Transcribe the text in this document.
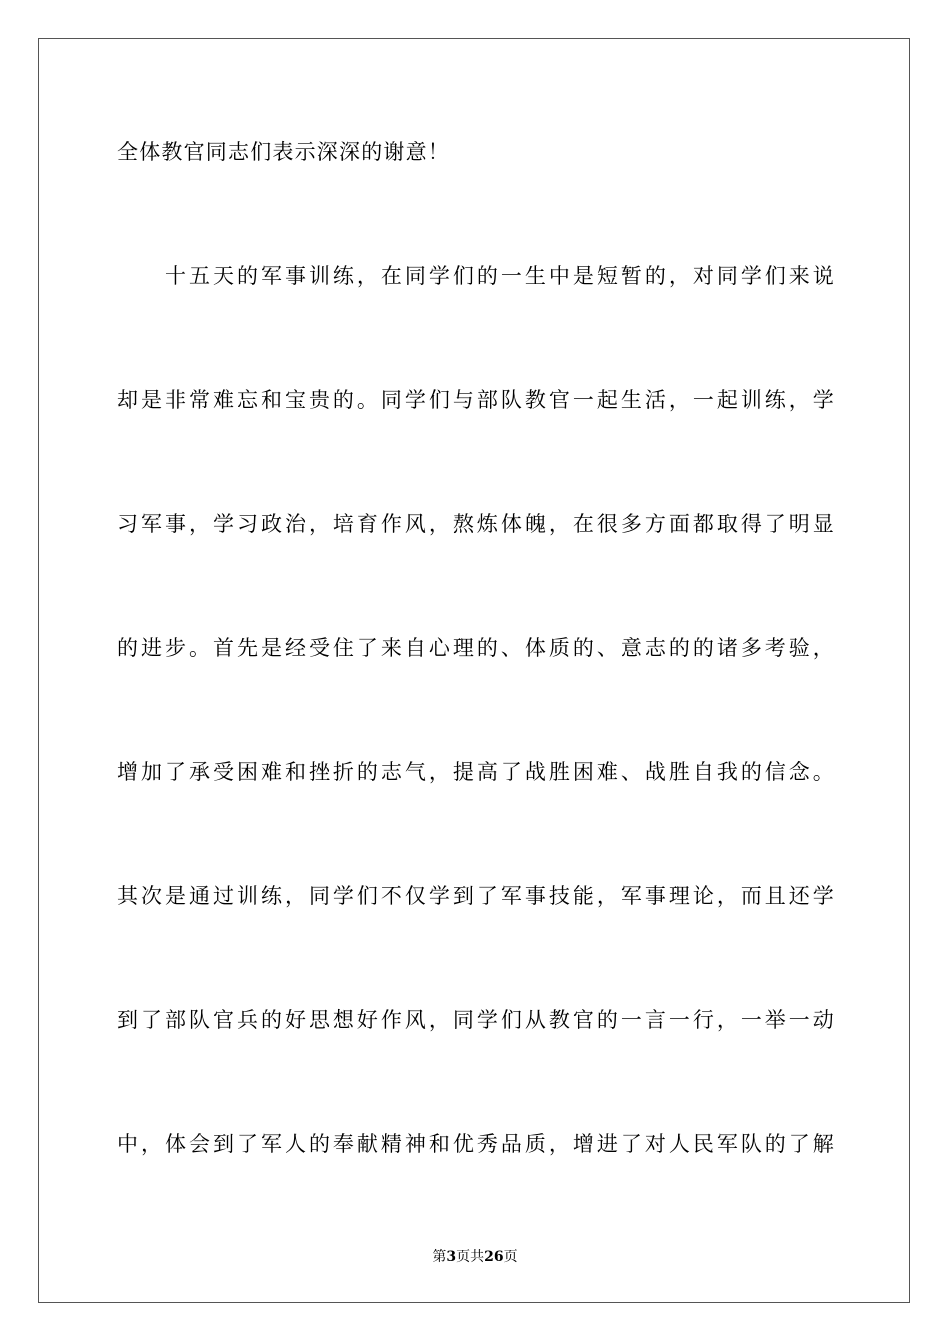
全体教官同志们表示深深的谢意！
　　十五天的军事训练，在同学们的一生中是短暂的，对同学们来说
却是非常难忘和宝贵的。同学们与部队教官一起生活，一起训练，学
习军事，学习政治，培育作风，熬炼体魄，在很多方面都取得了明显
的进步。首先是经受住了来自心理的、体质的、意志的的诸多考验，
增加了承受困难和挫折的志气，提高了战胜困难、战胜自我的信念。
其次是通过训练，同学们不仅学到了军事技能，军事理论，而且还学
到了部队官兵的好思想好作风，同学们从教官的一言一行，一举一动
中，体会到了军人的奉献精神和优秀品质，增进了对人民军队的了解
第3页共26页
